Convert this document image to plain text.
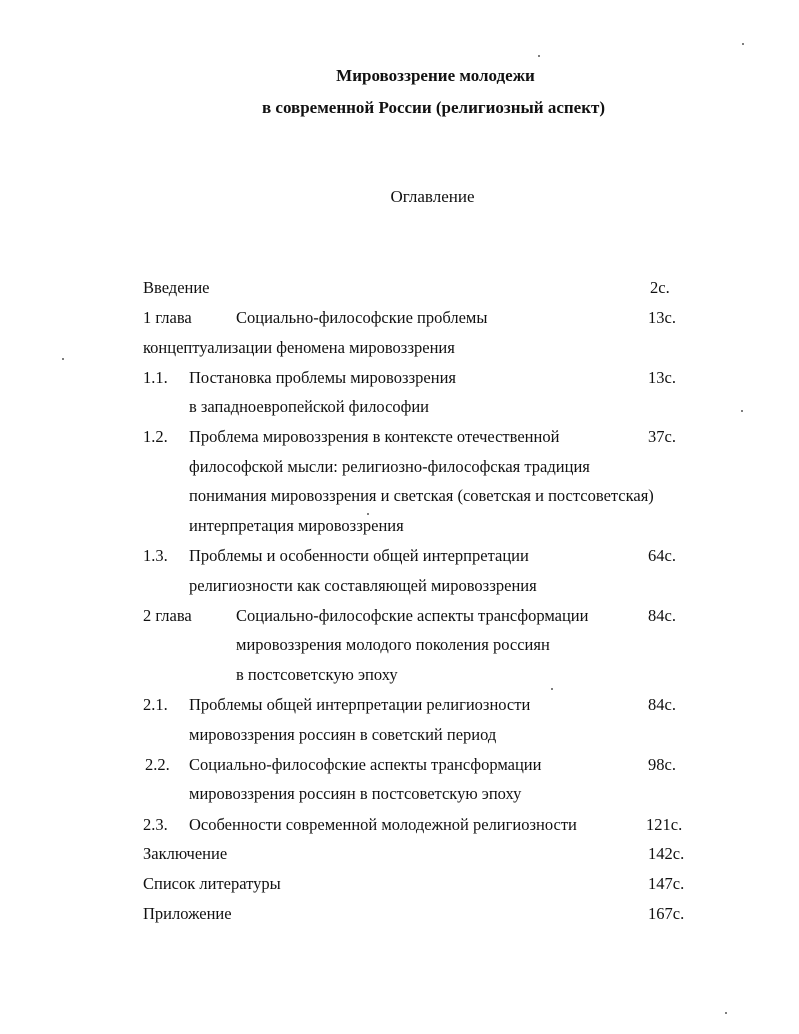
Мировоззрение молодежи
в современной России (религиозный аспект)
Оглавление
Введение	2с.
1 глава	Социально-философские проблемы	13с.
концептуализации феномена мировоззрения
1.1. Постановка проблемы мировоззрения	13с.
в западноевропейской философии
1.2. Проблема мировоззрения в контексте отечественной	37с.
философской мысли: религиозно-философская традиция
понимания мировоззрения и светская (советская и постсоветская)
интерпретация мировоззрения
1.3. Проблемы и особенности общей интерпретации	64с.
религиозности как составляющей мировоззрения
2 глава	Социально-философские аспекты трансформации	84с.
мировоззрения молодого поколения россиян
в постсоветскую эпоху
2.1. Проблемы общей интерпретации религиозности	84с.
мировоззрения россиян в советский период
2.2. Социально-философские аспекты трансформации	98с.
мировоззрения россиян в постсоветскую эпоху
2.3. Особенности современной молодежной религиозности	121с.
Заключение	142с.
Список литературы	147с.
Приложение	167с.
